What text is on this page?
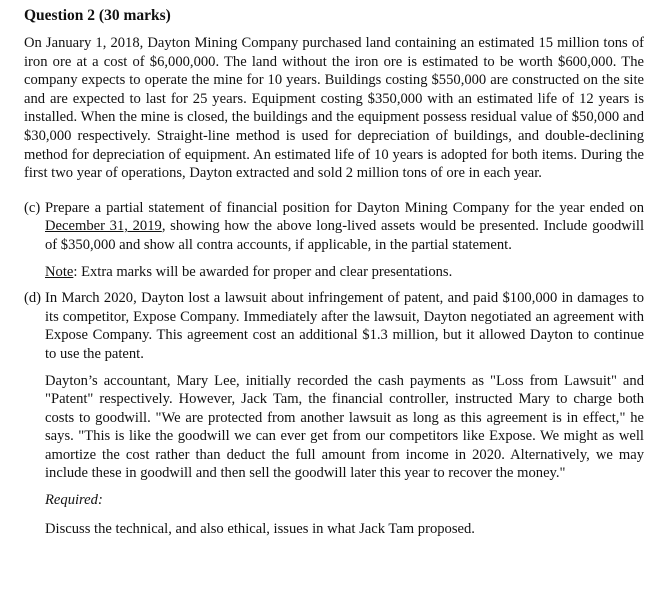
Question 2 (30 marks)

On January 1, 2018, Dayton Mining Company purchased land containing an estimated 15 million tons of iron ore at a cost of $6,000,000. The land without the iron ore is estimated to be worth $600,000. The company expects to operate the mine for 10 years. Buildings costing $550,000 are constructed on the site and are expected to last for 25 years. Equipment costing $350,000 with an estimated life of 12 years is installed. When the mine is closed, the buildings and the equipment possess residual value of $50,000 and $30,000 respectively. Straight-line method is used for depreciation of buildings, and double-declining method for depreciation of equipment. An estimated life of 10 years is adopted for both items. During the first two year of operations, Dayton extracted and sold 2 million tons of ore in each year.

(c) Prepare a partial statement of financial position for Dayton Mining Company for the year ended on December 31, 2019, showing how the above long-lived assets would be presented. Include goodwill of $350,000 and show all contra accounts, if applicable, in the partial statement.

Note: Extra marks will be awarded for proper and clear presentations.

(d) In March 2020, Dayton lost a lawsuit about infringement of patent, and paid $100,000 in damages to its competitor, Expose Company. Immediately after the lawsuit, Dayton negotiated an agreement with Expose Company. This agreement cost an additional $1.3 million, but it allowed Dayton to continue to use the patent.

Dayton’s accountant, Mary Lee, initially recorded the cash payments as "Loss from Lawsuit" and "Patent" respectively. However, Jack Tam, the financial controller, instructed Mary to charge both costs to goodwill. "We are protected from another lawsuit as long as this agreement is in effect," he says. "This is like the goodwill we can ever get from our competitors like Expose. We might as well amortize the cost rather than deduct the full amount from income in 2020. Alternatively, we may include these in goodwill and then sell the goodwill later this year to recover the money."

Required:

Discuss the technical, and also ethical, issues in what Jack Tam proposed.
